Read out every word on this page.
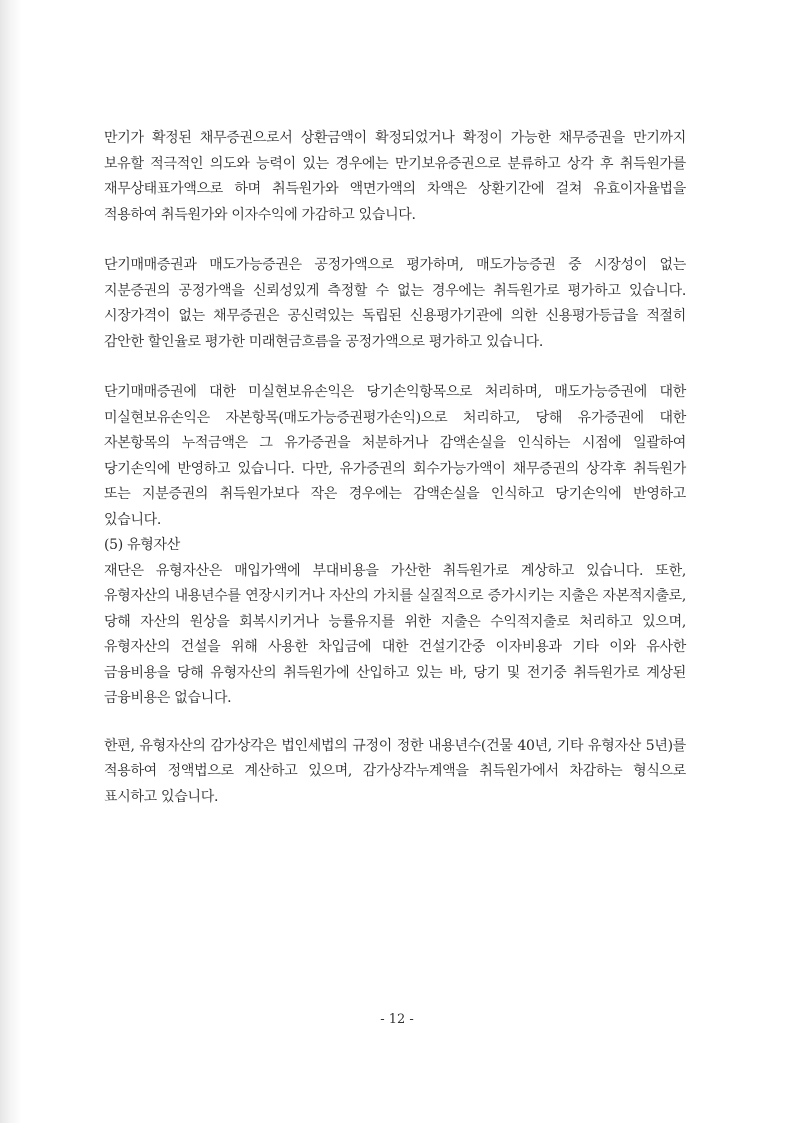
만기가 확정된 채무증권으로서 상환금액이 확정되었거나 확정이 가능한 채무증권을 만기까지 보유할 적극적인 의도와 능력이 있는 경우에는 만기보유증권으로 분류하고 상각 후 취득원가를 재무상태표가액으로 하며 취득원가와 액면가액의 차액은 상환기간에 걸쳐 유효이자율법을 적용하여 취득원가와 이자수익에 가감하고 있습니다.

단기매매증권과 매도가능증권은 공정가액으로 평가하며, 매도가능증권 중 시장성이 없는 지분증권의 공정가액을 신뢰성있게 측정할 수 없는 경우에는 취득원가로 평가하고 있습니다. 시장가격이 없는 채무증권은 공신력있는 독립된 신용평가기관에 의한 신용평가등급을 적절히 감안한 할인율로 평가한 미래현금흐름을 공정가액으로 평가하고 있습니다.

단기매매증권에 대한 미실현보유손익은 당기손익항목으로 처리하며, 매도가능증권에 대한 미실현보유손익은 자본항목(매도가능증권평가손익)으로 처리하고, 당해 유가증권에 대한 자본항목의 누적금액은 그 유가증권을 처분하거나 감액손실을 인식하는 시점에 일괄하여 당기손익에 반영하고 있습니다. 다만, 유가증권의 회수가능가액이 채무증권의 상각후 취득원가 또는 지분증권의 취득원가보다 작은 경우에는 감액손실을 인식하고 당기손익에 반영하고 있습니다.

(5) 유형자산

재단은 유형자산은 매입가액에 부대비용을 가산한 취득원가로 계상하고 있습니다. 또한, 유형자산의 내용년수를 연장시키거나 자산의 가치를 실질적으로 증가시키는 지출은 자본적지출로, 당해 자산의 원상을 회복시키거나 능률유지를 위한 지출은 수익적지출로 처리하고 있으며, 유형자산의 건설을 위해 사용한 차입금에 대한 건설기간중 이자비용과 기타 이와 유사한 금융비용을 당해 유형자산의 취득원가에 산입하고 있는 바, 당기 및 전기중 취득원가로 계상된 금융비용은 없습니다.

한편, 유형자산의 감가상각은 법인세법의 규정이 정한 내용년수(건물 40년, 기타 유형자산 5년)를 적용하여 정액법으로 계산하고 있으며, 감가상각누계액을 취득원가에서 차감하는 형식으로 표시하고 있습니다.

- 12 -
